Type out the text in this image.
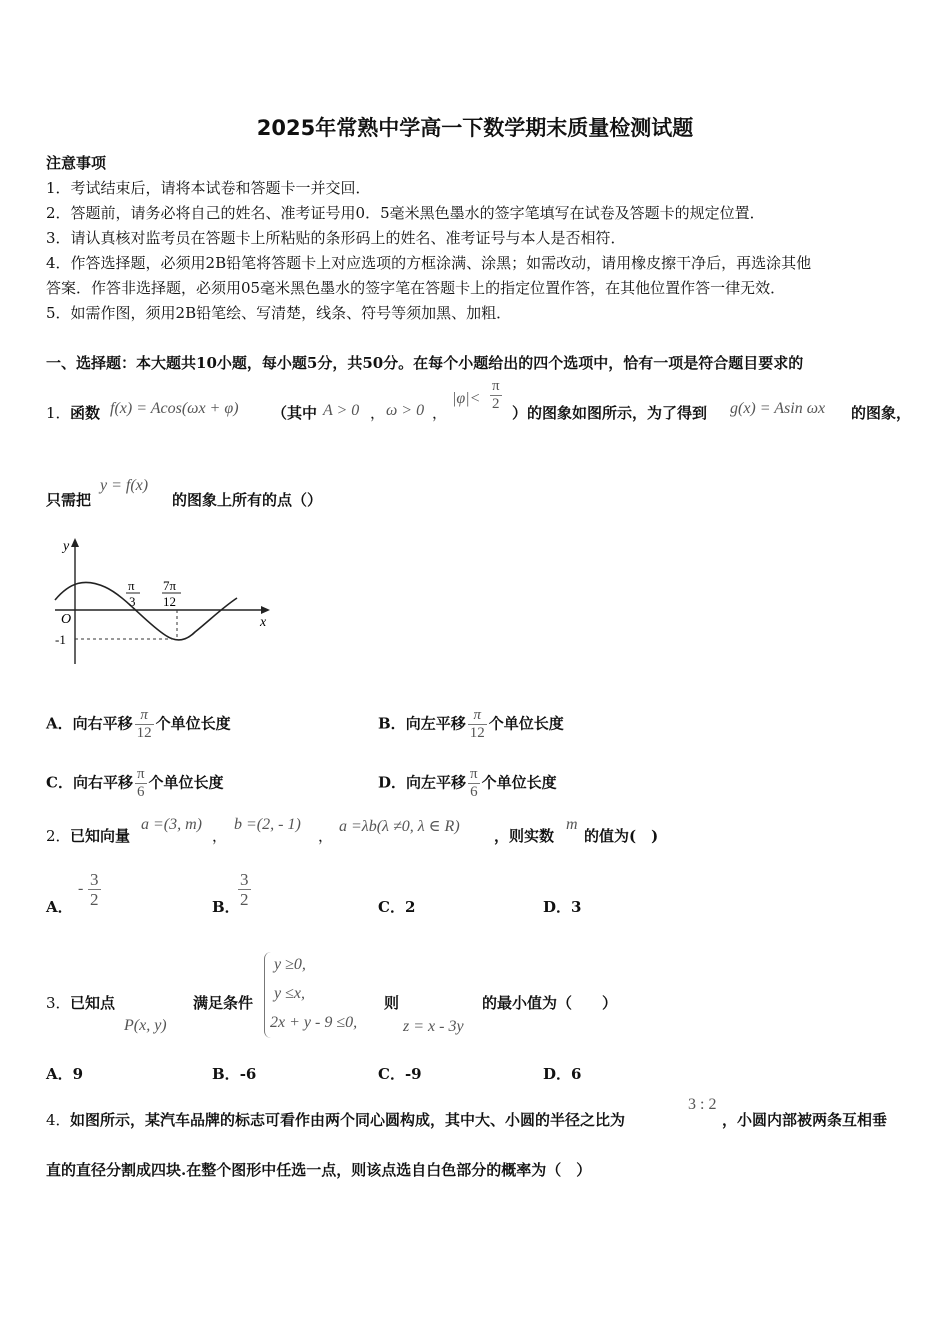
2025年常熟中学高一下数学期末质量检测试题
注意事项
1．考试结束后，请将本试卷和答题卡一并交回．
2．答题前，请务必将自己的姓名、准考证号用0．5毫米黑色墨水的签字笔填写在试卷及答题卡的规定位置．
3．请认真核对监考员在答题卡上所粘贴的条形码上的姓名、准考证号与本人是否相符．
4．作答选择题，必须用2B铅笔将答题卡上对应选项的方框涂满、涂黑；如需改动，请用橡皮擦干净后，再选涂其他
答案．作答非选择题，必须用05毫米黑色墨水的签字笔在答题卡上的指定位置作答，在其他位置作答一律无效．
5．如需作图，须用2B铅笔绘、写清楚，线条、符号等须加黑、加粗．
一、选择题：本大题共10小题，每小题5分，共50分。在每个小题给出的四个选项中，恰有一项是符合题目要求的
1． 函数 f(x) = Acos(ωx + φ) （其中 A > 0 ， ω > 0 ，
$|\varphi|< \frac{\pi}{2}$ ）的图象如图所示，为了得到 g(x) = Asin ωx 的图象，
只需把
y = f(x)
的图象上所有的点（）
y
x
O
-1
π
3
7π
12
A．向右平移 $\frac{\pi}{12}$ 个单位长度	B．向左平移 $\frac{\pi}{12}$ 个单位长度
C．向右平移 $\frac{\pi}{6}$ 个单位长度	D．向左平移 $\frac{\pi}{6}$ 个单位长度
2． 已知向量
a =(3, m)
，
b =(2, - 1)
，
a =λb(λ ≠0, λ ∈ R)
，则实数
m
的值为(　)
A．
- $\frac{3}{2}$	B．
$\frac{3}{2}$	C．2	D．3
3． 已知点
P(x, y)
满足条件
y ≥0,
y ≤x,
2x + y - 9 ≤0,
则
z = x - 3y
的最小值为（　　）
A．9	B．-6	C．-9	D．6
4． 如图所示，某汽车品牌的标志可看作由两个同心圆构成，其中大、小圆的半径之比为
3 : 2
，小圆内部被两条互相垂
直的直径分割成四块.在整个图形中任选一点，则该点选自白色部分的概率为（　）
